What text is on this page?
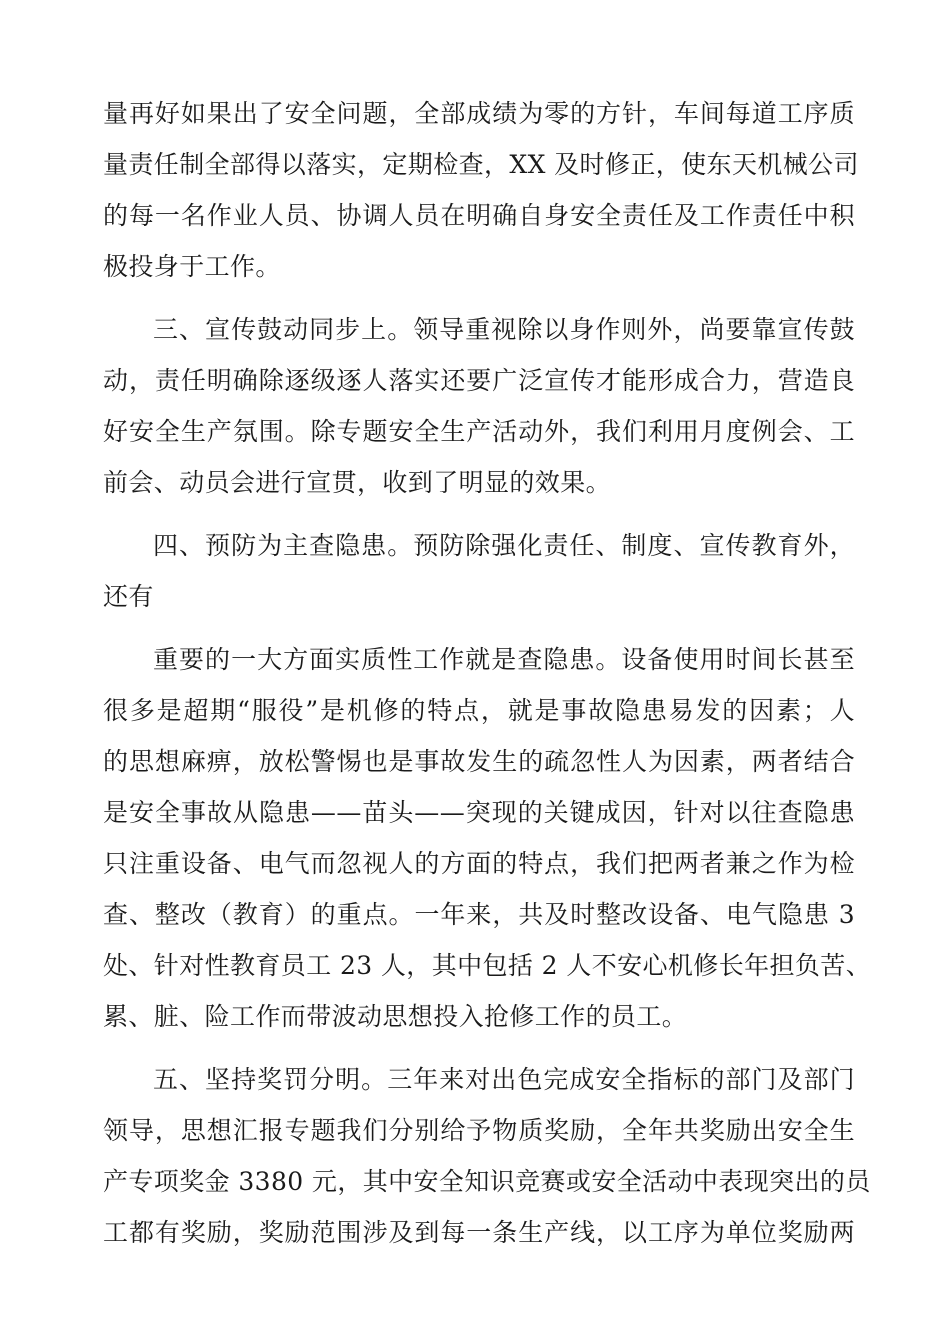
量再好如果出了安全问题，全部成绩为零的方针，车间每道工序质
量责任制全部得以落实，定期检查，XX 及时修正，使东天机械公司
的每一名作业人员、协调人员在明确自身安全责任及工作责任中积
极投身于工作。
三、宣传鼓动同步上。领导重视除以身作则外，尚要靠宣传鼓
动，责任明确除逐级逐人落实还要广泛宣传才能形成合力，营造良
好安全生产氛围。除专题安全生产活动外，我们利用月度例会、工
前会、动员会进行宣贯，收到了明显的效果。
四、预防为主查隐患。预防除强化责任、制度、宣传教育外，
还有
重要的一大方面实质性工作就是查隐患。设备使用时间长甚至
很多是超期“服役”是机修的特点，就是事故隐患易发的因素；人
的思想麻痹，放松警惕也是事故发生的疏忽性人为因素，两者结合
是安全事故从隐患——苗头——突现的关键成因，针对以往查隐患
只注重设备、电气而忽视人的方面的特点，我们把两者兼之作为检
查、整改（教育）的重点。一年来，共及时整改设备、电气隐患 3
处、针对性教育员工 23 人，其中包括 2 人不安心机修长年担负苦、
累、脏、险工作而带波动思想投入抢修工作的员工。
五、坚持奖罚分明。三年来对出色完成安全指标的部门及部门
领导，思想汇报专题我们分别给予物质奖励，全年共奖励出安全生
产专项奖金 3380 元，其中安全知识竞赛或安全活动中表现突出的员
工都有奖励，奖励范围涉及到每一条生产线，以工序为单位奖励两
